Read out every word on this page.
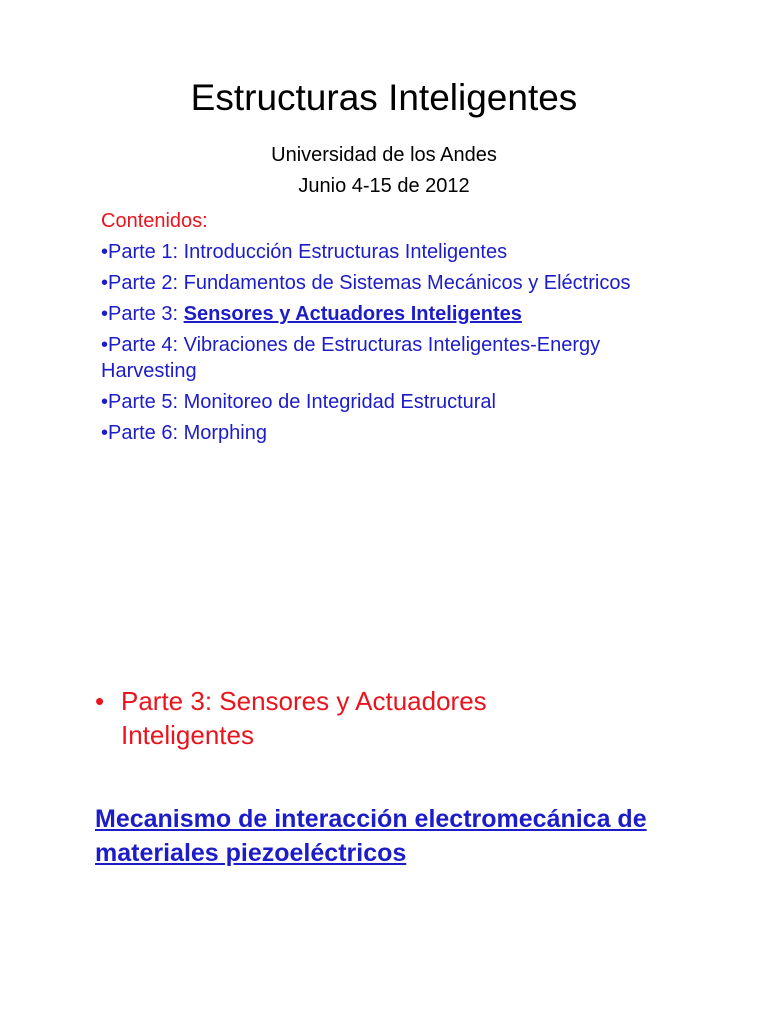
Estructuras Inteligentes
Universidad de los Andes
Junio 4-15 de 2012
Contenidos:
•Parte 1: Introducción Estructuras Inteligentes
•Parte 2: Fundamentos de Sistemas Mecánicos y Eléctricos
•Parte 3: Sensores y Actuadores Inteligentes
•Parte 4: Vibraciones de Estructuras Inteligentes-Energy Harvesting
•Parte 5: Monitoreo de Integridad Estructural
•Parte 6: Morphing
• Parte 3: Sensores y Actuadores Inteligentes
Mecanismo de interacción electromecánica de materiales piezoeléctricos
